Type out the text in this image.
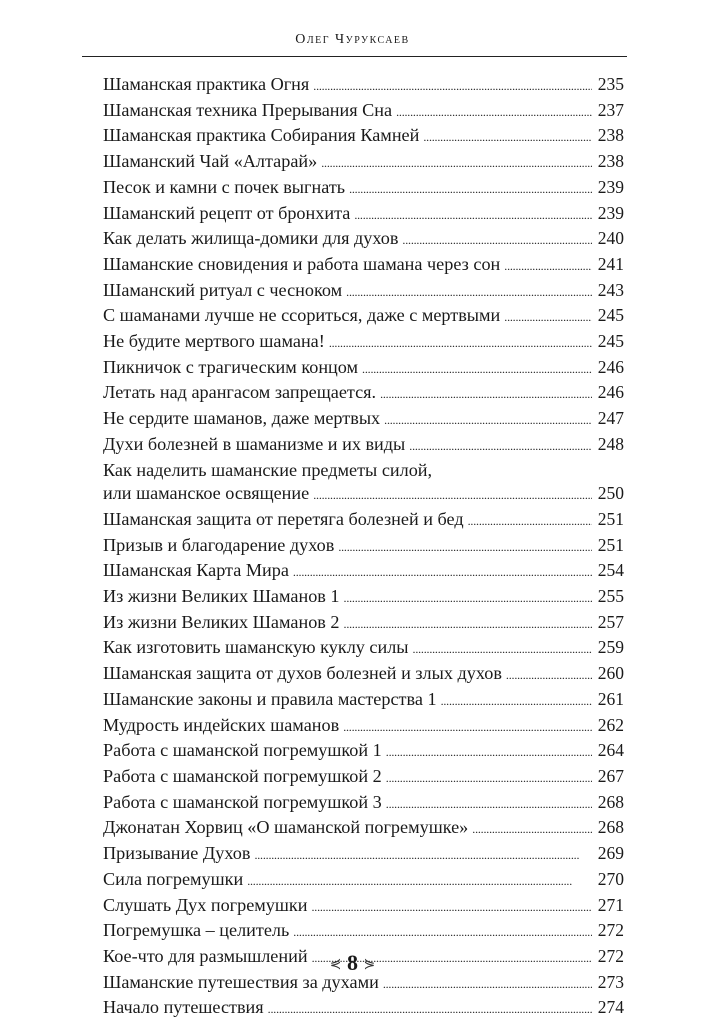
Олег Чуруксаев
Шаманская практика Огня . . .	235
Шаманская техника Прерывания Сна . . .	237
Шаманская практика Собирания Камней . . .	238
Шаманский Чай «Алтарай» . . .	238
Песок и камни с почек выгнать . . .	239
Шаманский рецепт от бронхита . . .	239
Как делать жилища-домики для духов . . .	240
Шаманские сновидения и работа шамана через сон . . .	241
Шаманский ритуал с чесноком . . .	243
С шаманами лучше не ссориться, даже с мертвыми . . .	245
Не будите мертвого шамана! . . .	245
Пикничок с трагическим концом . . .	246
Летать над арангасом запрещается. . . .	246
Не сердите шаманов, даже мертвых . . .	247
Духи болезней в шаманизме и их виды . . .	248
Как наделить шаманские предметы силой,
или шаманское освящение . . .	250
Шаманская защита от перетяга болезней и бед . . .	251
Призыв и благодарение духов . . .	251
Шаманская Карта Мира . . .	254
Из жизни Великих Шаманов 1 . . .	255
Из жизни Великих Шаманов 2 . . .	257
Как изготовить шаманскую куклу силы . . .	259
Шаманская защита от духов болезней и злых духов . . .	260
Шаманские законы и правила мастерства 1 . . .	261
Мудрость индейских шаманов . . .	262
Работа с шаманской погремушкой 1 . . .	264
Работа с шаманской погремушкой 2 . . .	267
Работа с шаманской погремушкой 3 . . .	268
Джонатан Хорвиц «О шаманской погремушке» . . .	268
Призывание Духов . . .	269
Сила погремушки . . .	270
Слушать Дух погремушки . . .	271
Погремушка – целитель . . .	272
Кое-что для размышлений . . .	272
Шаманские путешествия за духами . . .	273
Начало путешествия . . .	274
⋞ 8 ⋟
